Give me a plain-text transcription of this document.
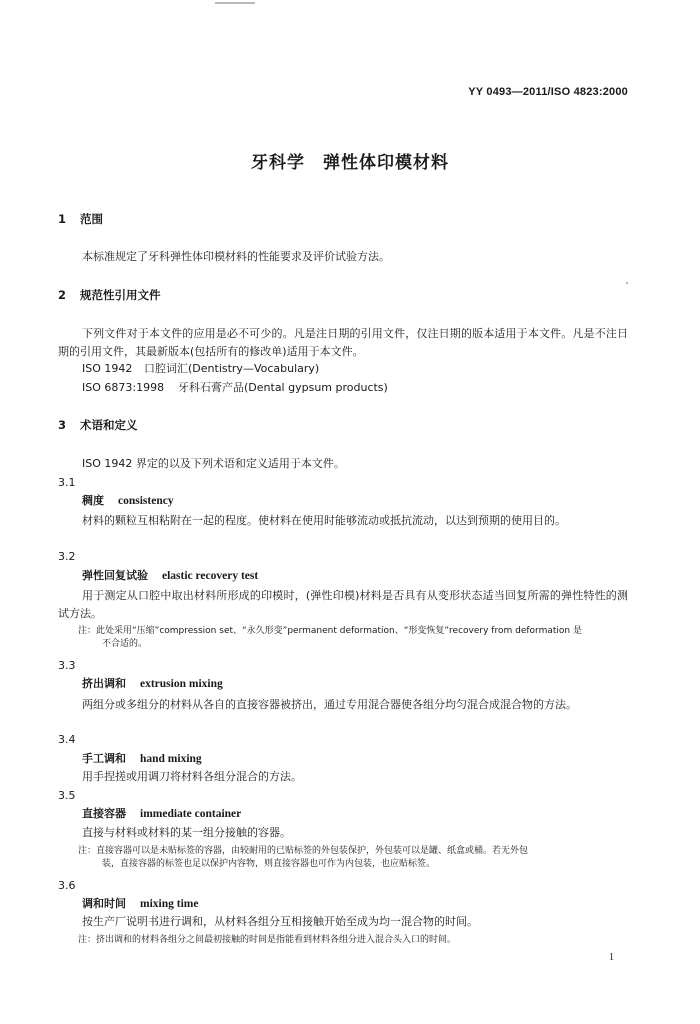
YY 0493—2011/ISO 4823:2000
牙科学 弹性体印模材料
1 范围
本标准规定了牙科弹性体印模材料的性能要求及评价试验方法。
2 规范性引用文件
下列文件对于本文件的应用是必不可少的。凡是注日期的引用文件，仅注日期的版本适用于本文件。凡是不注日期的引用文件，其最新版本(包括所有的修改单)适用于本文件。
ISO 1942 口腔词汇(Dentistry—Vocabulary)
ISO 6873:1998 牙科石膏产品(Dental gypsum products)
3 术语和定义
ISO 1942 界定的以及下列术语和定义适用于本文件。
3.1
稠度 consistency
材料的颗粒互相粘附在一起的程度。使材料在使用时能够流动或抵抗流动，以达到预期的使用目的。
3.2
弹性回复试验 elastic recovery test
用于测定从口腔中取出材料所形成的印模时，(弹性印模)材料是否具有从变形状态适当回复所需的弹性特性的测试方法。
注：此处采用“压缩”compression set、“永久形变”permanent deformation、“形变恢复”recovery from deformation 是
不合适的。
3.3
挤出调和 extrusion mixing
两组分或多组分的材料从各自的直接容器被挤出，通过专用混合器使各组分均匀混合成混合物的方法。
3.4
手工调和 hand mixing
用手捏搓或用调刀将材料各组分混合的方法。
3.5
直接容器 immediate container
直接与材料或材料的某一组分接触的容器。
注：直接容器可以是未贴标签的容器，由较耐用的已贴标签的外包装保护，外包装可以是罐、纸盒或桶。若无外包
装，直接容器的标签也足以保护内容物，则直接容器也可作为内包装，也应贴标签。
3.6
调和时间 mixing time
按生产厂说明书进行调和，从材料各组分互相接触开始至成为均一混合物的时间。
注：挤出调和的材料各组分之间最初接触的时间是指能看到材料各组分进入混合头入口的时间。
1
